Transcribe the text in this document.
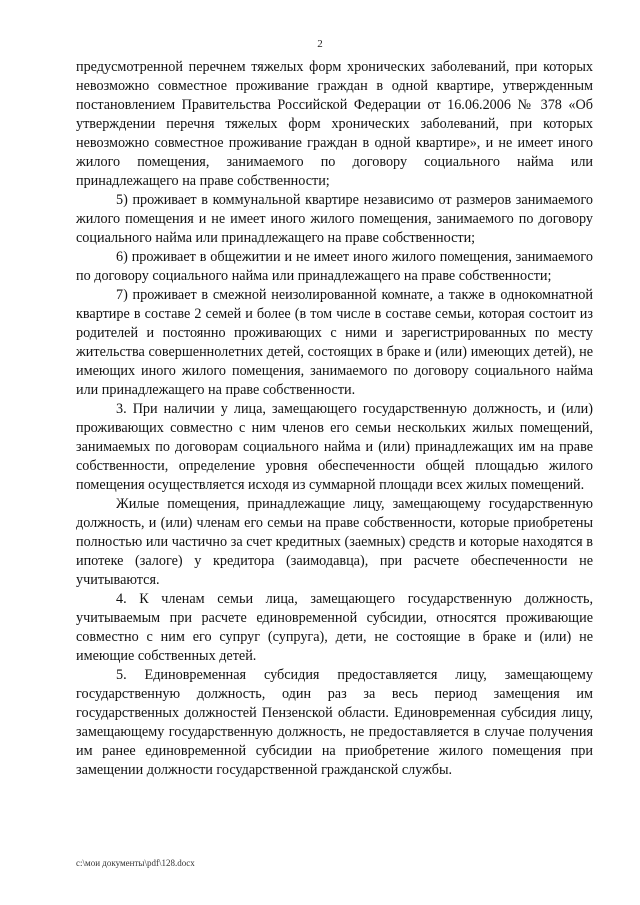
2

предусмотренной перечнем тяжелых форм хронических заболеваний, при которых невозможно совместное проживание граждан в одной квартире, утвержденным постановлением Правительства Российской Федерации от 16.06.2006 № 378 «Об утверждении перечня тяжелых форм хронических заболеваний, при которых невозможно совместное проживание граждан в одной квартире», и не имеет иного жилого помещения, занимаемого по договору социального найма или принадлежащего на праве собственности;

5) проживает в коммунальной квартире независимо от размеров занимаемого жилого помещения и не имеет иного жилого помещения, занимаемого по договору социального найма или принадлежащего на праве собственности;

6) проживает в общежитии и не имеет иного жилого помещения, занимаемого по договору социального найма или принадлежащего на праве собственности;

7) проживает в смежной неизолированной комнате, а также в однокомнатной квартире в составе 2 семей и более (в том числе в составе семьи, которая состоит из родителей и постоянно проживающих с ними и зарегистрированных по месту жительства совершеннолетних детей, состоящих в браке и (или) имеющих детей), не имеющих иного жилого помещения, занимаемого по договору социального найма или принадлежащего на праве собственности.

3. При наличии у лица, замещающего государственную должность, и (или) проживающих совместно с ним членов его семьи нескольких жилых помещений, занимаемых по договорам социального найма и (или) принадлежащих им на праве собственности, определение уровня обеспеченности общей площадью жилого помещения осуществляется исходя из суммарной площади всех жилых помещений.

Жилые помещения, принадлежащие лицу, замещающему государственную должность, и (или) членам его семьи на праве собственности, которые приобретены полностью или частично за счет кредитных (заемных) средств и которые находятся в ипотеке (залоге) у кредитора (заимодавца), при расчете обеспеченности не учитываются.

4. К членам семьи лица, замещающего государственную должность, учитываемым при расчете единовременной субсидии, относятся проживающие совместно с ним его супруг (супруга), дети, не состоящие в браке и (или) не имеющие собственных детей.

5. Единовременная субсидия предоставляется лицу, замещающему государственную должность, один раз за весь период замещения им государственных должностей Пензенской области. Единовременная субсидия лицу, замещающему государственную должность, не предоставляется в случае получения им ранее единовременной субсидии на приобретение жилого помещения при замещении должности государственной гражданской службы.

c:\мои документы\pdf\128.docx
